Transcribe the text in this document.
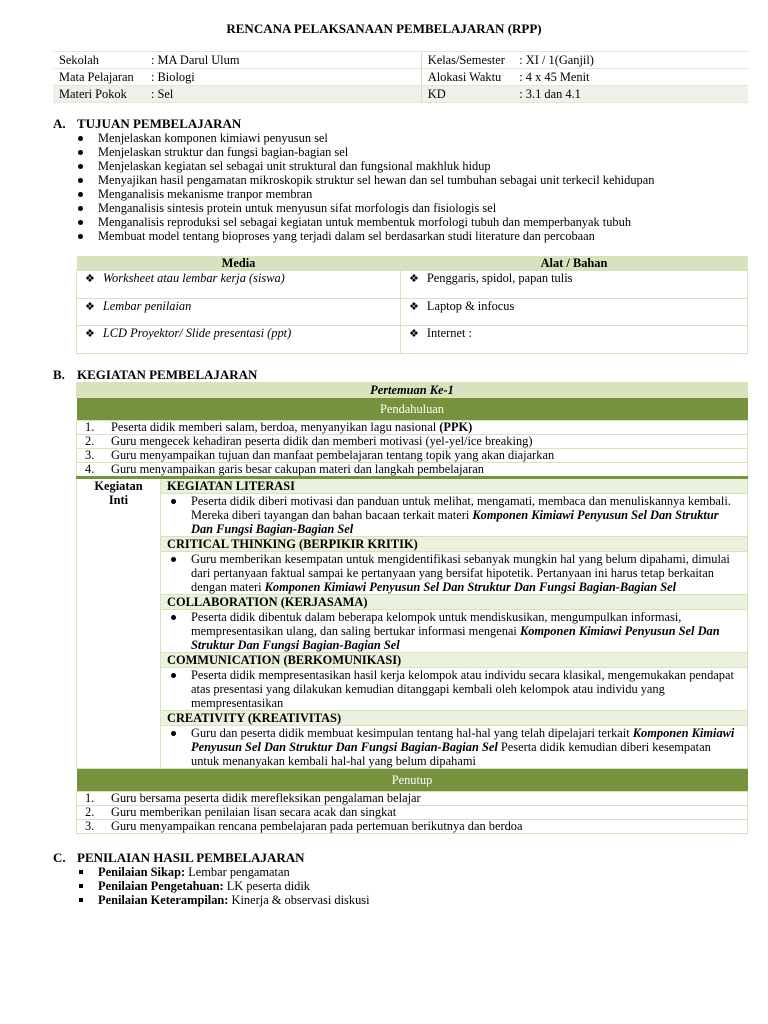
RENCANA PELAKSANAAN PEMBELAJARAN (RPP)
Sekolah	: MA Darul Ulum	Kelas/Semester	: XI / 1(Ganjil)
Mata Pelajaran	: Biologi	Alokasi Waktu	: 4 x 45 Menit
Materi Pokok	: Sel	KD	: 3.1 dan 4.1
A. TUJUAN PEMBELAJARAN
Menjelaskan komponen kimiawi penyusun sel
Menjelaskan struktur dan fungsi bagian-bagian sel
Menjelaskan kegiatan sel sebagai unit struktural dan fungsional makhluk hidup
Menyajikan hasil pengamatan mikroskopik struktur sel hewan dan sel tumbuhan sebagai unit terkecil kehidupan
Menganalisis mekanisme tranpor membran
Menganalisis sintesis protein untuk menyusun sifat morfologis dan fisiologis sel
Menganalisis reproduksi sel sebagai kegiatan untuk membentuk morfologi tubuh dan memperbanyak tubuh
Membuat model tentang bioproses yang terjadi dalam sel berdasarkan studi literature dan percobaan
Media	Alat / Bahan
❖ Worksheet atau lembar kerja (siswa)	❖ Penggaris, spidol, papan tulis
❖ Lembar penilaian	❖ Laptop & infocus
❖ LCD Proyektor/ Slide presentasi (ppt)	❖ Internet :
B. KEGIATAN PEMBELAJARAN
Pertemuan Ke-1
Pendahuluan
1. Peserta didik memberi salam, berdoa, menyanyikan lagu nasional (PPK)
2. Guru mengecek kehadiran peserta didik dan memberi motivasi (yel-yel/ice breaking)
3. Guru menyampaikan tujuan dan manfaat pembelajaran tentang topik yang akan diajarkan
4. Guru menyampaikan garis besar cakupan materi dan langkah pembelajaran

Kegiatan
Inti
	KEGIATAN LITERASI

Peserta didik diberi motivasi dan panduan untuk melihat, mengamati, membaca dan menuliskannya kembali. Mereka diberi tayangan dan bahan bacaan terkait materi Komponen Kimiawi Penyusun Sel Dan Struktur Dan Fungsi Bagian-Bagian Sel

CRITICAL THINKING (BERPIKIR KRITIK)

Guru memberikan kesempatan untuk mengidentifikasi sebanyak mungkin hal yang belum dipahami, dimulai dari pertanyaan faktual sampai ke pertanyaan yang bersifat hipotetik. Pertanyaan ini harus tetap berkaitan dengan materi Komponen Kimiawi Penyusun Sel Dan Struktur Dan Fungsi Bagian-Bagian Sel

COLLABORATION (KERJASAMA)

Peserta didik dibentuk dalam beberapa kelompok untuk mendiskusikan, mengumpulkan informasi, mempresentasikan ulang, dan saling bertukar informasi mengenai Komponen Kimiawi Penyusun Sel Dan Struktur Dan Fungsi Bagian-Bagian Sel

COMMUNICATION (BERKOMUNIKASI)

Peserta didik mempresentasikan hasil kerja kelompok atau individu secara klasikal, mengemukakan pendapat atas presentasi yang dilakukan kemudian ditanggapi kembali oleh kelompok atau individu yang mempresentasikan

CREATIVITY (KREATIVITAS)

Guru dan peserta didik membuat kesimpulan tentang hal-hal yang telah dipelajari terkait Komponen Kimiawi Penyusun Sel Dan Struktur Dan Fungsi Bagian-Bagian Sel Peserta didik kemudian diberi kesempatan untuk menanyakan kembali hal-hal yang belum dipahami

Penutup
1. Guru bersama peserta didik merefleksikan pengalaman belajar
2. Guru memberikan penilaian lisan secara acak dan singkat
3. Guru menyampaikan rencana pembelajaran pada pertemuan berikutnya dan berdoa
C. PENILAIAN HASIL PEMBELAJARAN
Penilaian Sikap: Lembar pengamatan
Penilaian Pengetahuan: LK peserta didik
Penilaian Keterampilan: Kinerja & observasi diskusi
